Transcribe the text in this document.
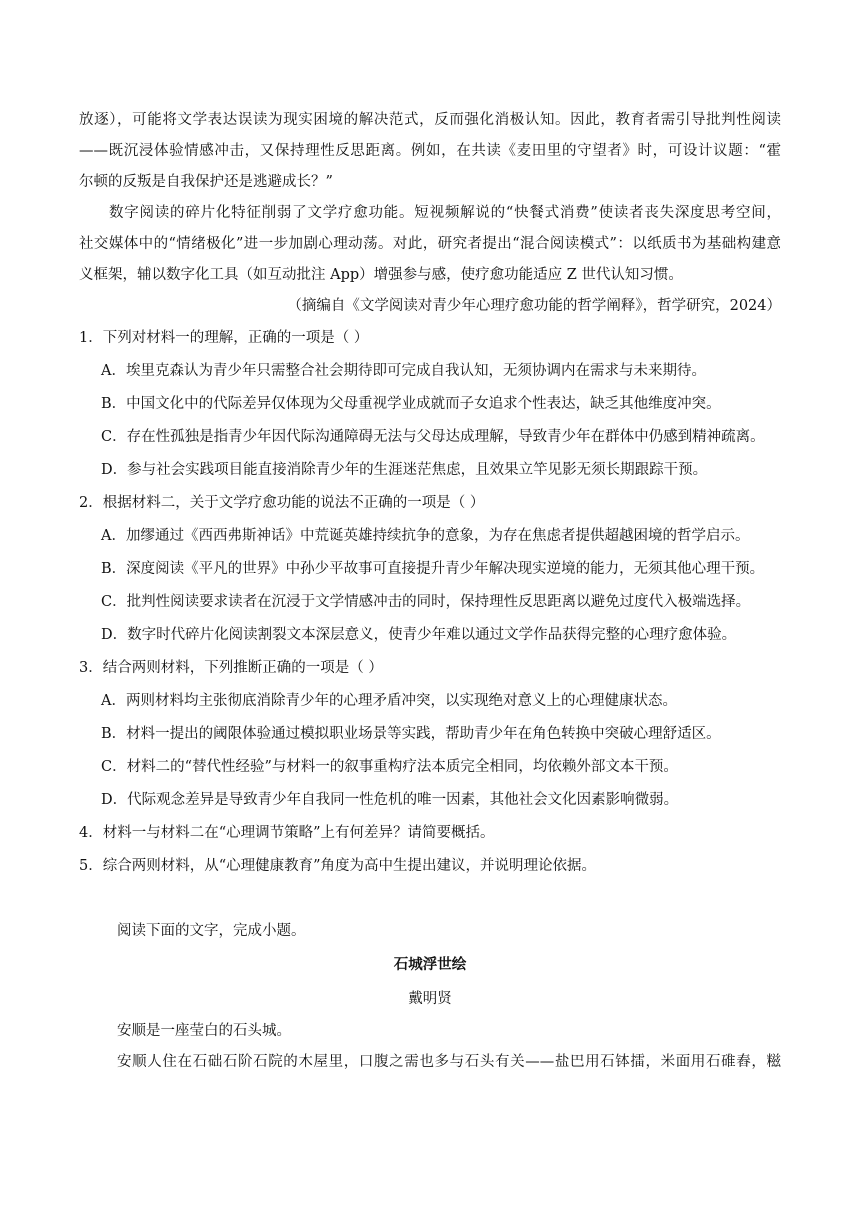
放逐），可能将文学表达误读为现实困境的解决范式，反而强化消极认知。因此，教育者需引导批判性阅读
——既沉浸体验情感冲击，又保持理性反思距离。例如，在共读《麦田里的守望者》时，可设计议题：“霍
尔顿的反叛是自我保护还是逃避成长？”
数字阅读的碎片化特征削弱了文学疗愈功能。短视频解说的“快餐式消费”使读者丧失深度思考空间，
社交媒体中的“情绪极化”进一步加剧心理动荡。对此，研究者提出“混合阅读模式”：以纸质书为基础构建意
义框架，辅以数字化工具（如互动批注 App）增强参与感，使疗愈功能适应 Z 世代认知习惯。
（摘编自《文学阅读对青少年心理疗愈功能的哲学阐释》，哲学研究，2024）
1．下列对材料一的理解，正确的一项是（ ）
A．埃里克森认为青少年只需整合社会期待即可完成自我认知，无须协调内在需求与未来期待。
B．中国文化中的代际差异仅体现为父母重视学业成就而子女追求个性表达，缺乏其他维度冲突。
C．存在性孤独是指青少年因代际沟通障碍无法与父母达成理解，导致青少年在群体中仍感到精神疏离。
D．参与社会实践项目能直接消除青少年的生涯迷茫焦虑，且效果立竿见影无须长期跟踪干预。
2．根据材料二，关于文学疗愈功能的说法不正确的一项是（ ）
A．加缪通过《西西弗斯神话》中荒诞英雄持续抗争的意象，为存在焦虑者提供超越困境的哲学启示。
B．深度阅读《平凡的世界》中孙少平故事可直接提升青少年解决现实逆境的能力，无须其他心理干预。
C．批判性阅读要求读者在沉浸于文学情感冲击的同时，保持理性反思距离以避免过度代入极端选择。
D．数字时代碎片化阅读割裂文本深层意义，使青少年难以通过文学作品获得完整的心理疗愈体验。
3．结合两则材料，下列推断正确的一项是（ ）
A．两则材料均主张彻底消除青少年的心理矛盾冲突，以实现绝对意义上的心理健康状态。
B．材料一提出的阈限体验通过模拟职业场景等实践，帮助青少年在角色转换中突破心理舒适区。
C．材料二的“替代性经验”与材料一的叙事重构疗法本质完全相同，均依赖外部文本干预。
D．代际观念差异是导致青少年自我同一性危机的唯一因素，其他社会文化因素影响微弱。
4．材料一与材料二在“心理调节策略”上有何差异？请简要概括。
5．综合两则材料，从“心理健康教育”角度为高中生提出建议，并说明理论依据。
阅读下面的文字，完成小题。
石城浮世绘
戴明贤
安顺是一座莹白的石头城。
安顺人住在石础石阶石院的木屋里，口腹之需也多与石头有关——盐巴用石钵擂，米面用石碓舂，糍
